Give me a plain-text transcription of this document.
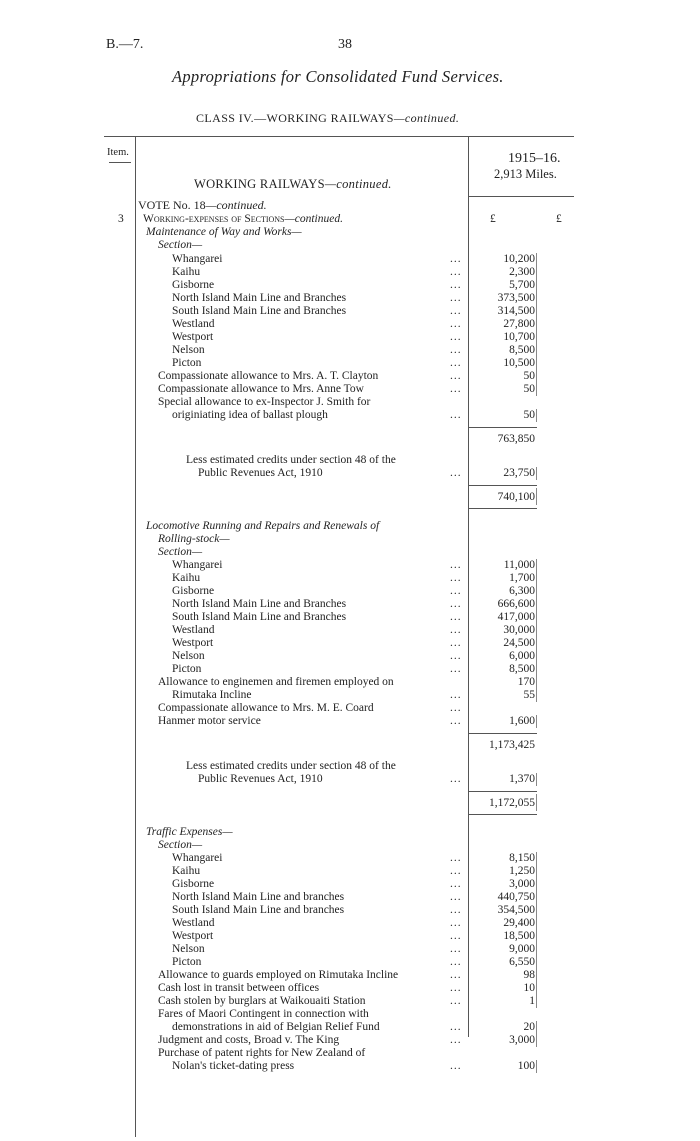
B.—7.	38
Appropriations for Consolidated Fund Services.
CLASS IV.—WORKING RAILWAYS—continued.
Item.	1915–16.
2,913 Miles.
WORKING RAILWAYS—continued.
VOTE No. 18—continued.
3 Working-expenses of Sections—continued.	£	£
Maintenance of Way and Works—
Section—
Whangarei	...	10,200
Kaihu	...	2,300
Gisborne	...	5,700
North Island Main Line and Branches	...	373,500
South Island Main Line and Branches	...	314,500
Westland	...	27,800
Westport	...	10,700
Nelson	...	8,500
Picton	...	10,500
Compassionate allowance to Mrs. A. T. Clayton	...	50
Compassionate allowance to Mrs. Anne Tow	...	50
Special allowance to ex-Inspector J. Smith for
originiating idea of ballast plough	...	50
763,850
Less estimated credits under section 48 of the
Public Revenues Act, 1910	...	23,750
740,100
Locomotive Running and Repairs and Renewals of
Rolling-stock—
Section—
Whangarei	...	11,000
Kaihu	...	1,700
Gisborne	...	6,300
North Island Main Line and Branches	...	666,600
South Island Main Line and Branches	...	417,000
Westland	...	30,000
Westport	...	24,500
Nelson	...	6,000
Picton	...	8,500
Allowance to enginemen and firemen employed on	170
Rimutaka Incline	...	55
Compassionate allowance to Mrs. M. E. Coard	...
Hanmer motor service	...	1,600
1,173,425
Less estimated credits under section 48 of the
Public Revenues Act, 1910	...	1,370
1,172,055
Traffic Expenses—
Section—
Whangarei	...	8,150
Kaihu	...	1,250
Gisborne	...	3,000
North Island Main Line and branches	...	440,750
South Island Main Line and branches	...	354,500
Westland	...	29,400
Westport	...	18,500
Nelson	...	9,000
Picton	...	6,550
Allowance to guards employed on Rimutaka Incline	...	98
Cash lost in transit between offices	...	10
Cash stolen by burglars at Waikouaiti Station	...	1
Fares of Maori Contingent in connection with
demonstrations in aid of Belgian Relief Fund	...	20
Judgment and costs, Broad v. The King	...	3,000
Purchase of patent rights for New Zealand of
Nolan's ticket-dating press	...	100
